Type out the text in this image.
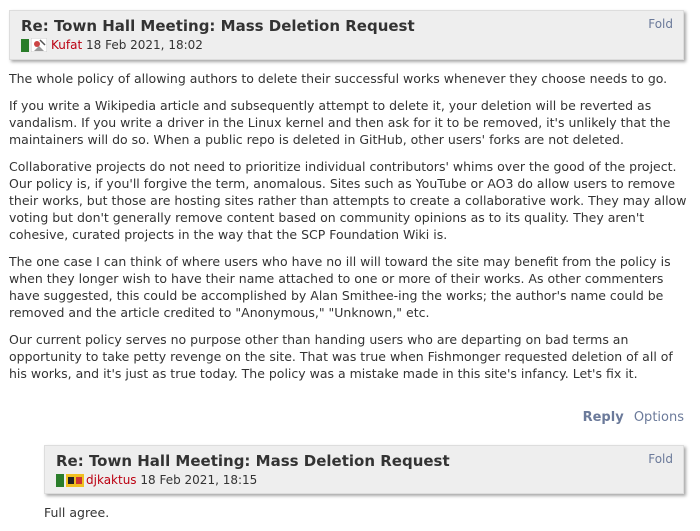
Re: Town Hall Meeting: Mass Deletion Request	Fold
Kufat
18 Feb 2021, 18:02

The whole policy of allowing authors to delete their successful works whenever they choose needs to go.

If you write a Wikipedia article and subsequently attempt to delete it, your deletion will be reverted as vandalism. If you write a driver in the Linux kernel and then ask for it to be removed, it's unlikely that the maintainers will do so. When a public repo is deleted in GitHub, other users' forks are not deleted.

Collaborative projects do not need to prioritize individual contributors' whims over the good of the project. Our policy is, if you'll forgive the term, anomalous. Sites such as YouTube or AO3 do allow users to remove their works, but those are hosting sites rather than attempts to create a collaborative work. They may allow voting but don't generally remove content based on community opinions as to its quality. They aren't cohesive, curated projects in the way that the SCP Foundation Wiki is.

The one case I can think of where users who have no ill will toward the site may benefit from the policy is when they longer wish to have their name attached to one or more of their works. As other commenters have suggested, this could be accomplished by Alan Smithee-ing the works; the author's name could be removed and the article credited to "Anonymous," "Unknown," etc.

Our current policy serves no purpose other than handing users who are departing on bad terms an opportunity to take petty revenge on the site. That was true when Fishmonger requested deletion of all of his works, and it's just as true today. The policy was a mistake made in this site's infancy. Let's fix it.

Reply Options
Re: Town Hall Meeting: Mass Deletion Request	Fold
djkaktus
18 Feb 2021, 18:15
Full agree.
